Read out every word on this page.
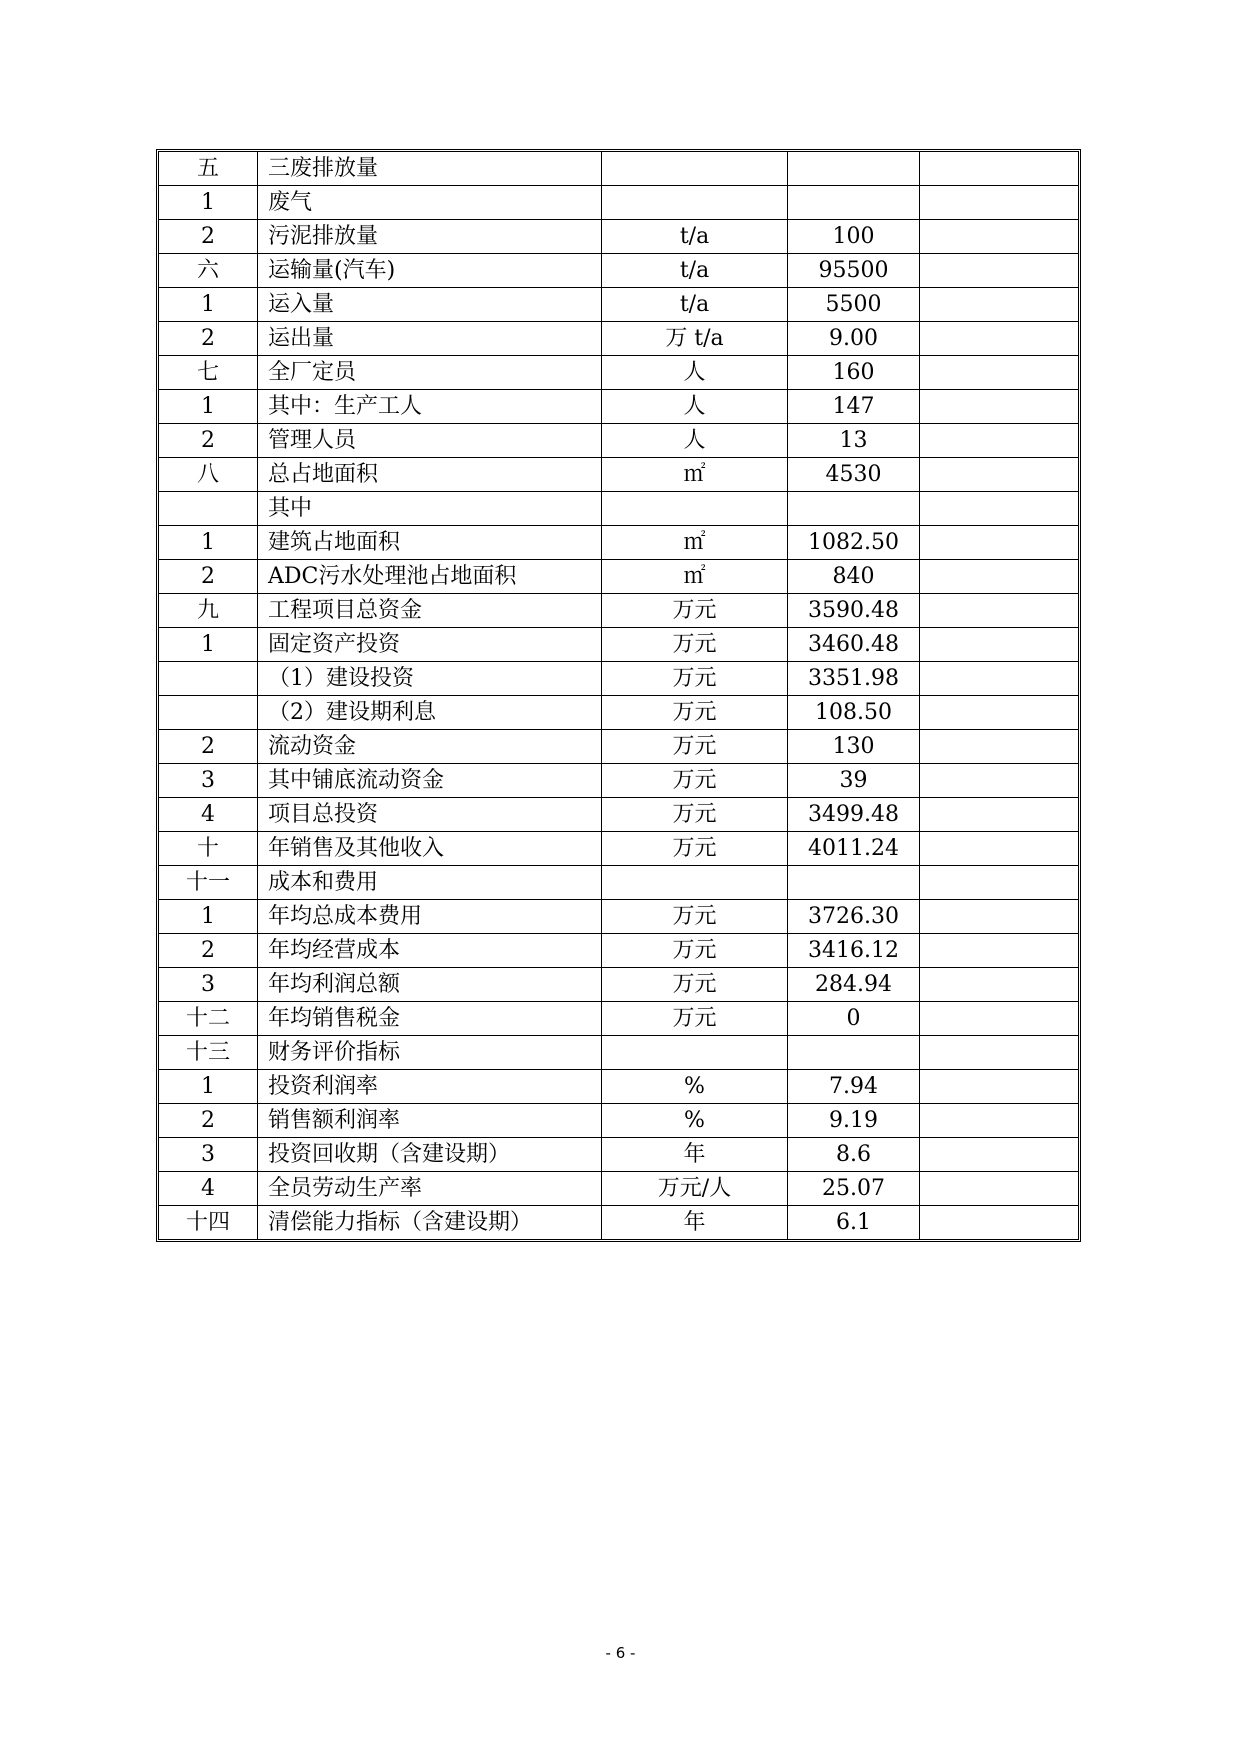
五	三废排放量			
1	废气			
2	污泥排放量	t/a	100	
六	运输量(汽车)	t/a	95500	
1	运入量	t/a	5500	
2	运出量	万 t/a	9.00	
七	全厂定员	人	160	
1	其中：生产工人	人	147	
2	管理人员	人	13	
八	总占地面积	㎡	4530	
	其中			
1	建筑占地面积	㎡	1082.50	
2	ADC污水处理池占地面积	㎡	840	
九	工程项目总资金	万元	3590.48	
1	固定资产投资	万元	3460.48	
	（1）建设投资	万元	3351.98	
	（2）建设期利息	万元	108.50	
2	流动资金	万元	130	
3	其中铺底流动资金	万元	39	
4	项目总投资	万元	3499.48	
十	年销售及其他收入	万元	4011.24	
十一	成本和费用			
1	年均总成本费用	万元	3726.30	
2	年均经营成本	万元	3416.12	
3	年均利润总额	万元	284.94	
十二	年均销售税金	万元	0	
十三	财务评价指标			
1	投资利润率	%	7.94	
2	销售额利润率	%	9.19	
3	投资回收期（含建设期）	年	8.6	
4	全员劳动生产率	万元/人	25.07	
十四	清偿能力指标（含建设期）	年	6.1	
- 6 -
